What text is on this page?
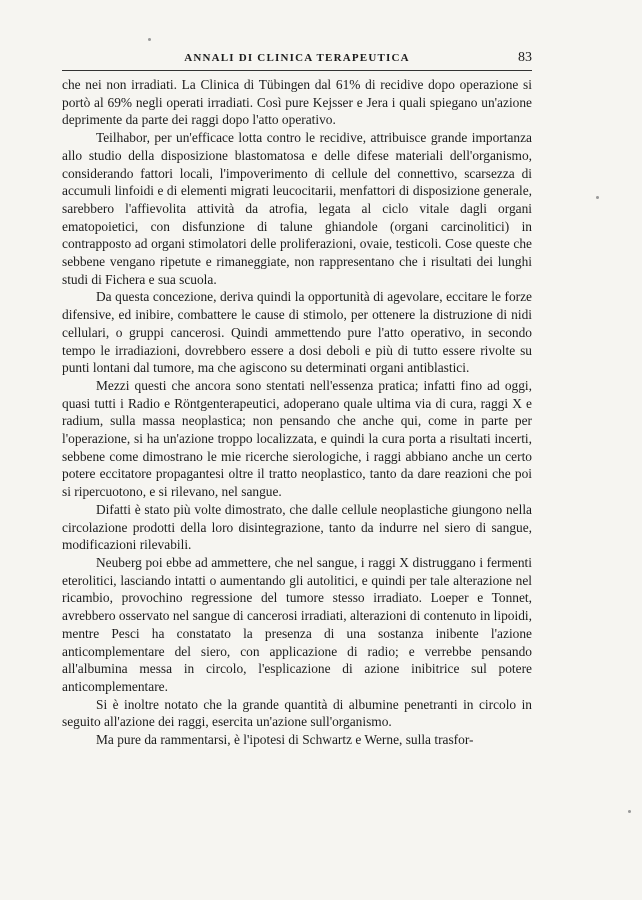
ANNALI DI CLINICA TERAPEUTICA	83

che nei non irradiati. La Clinica di Tübingen dal 61% di recidive dopo operazione si portò al 69% negli operati irradiati. Così pure Kejsser e Jera i quali spiegano un'azione deprimente da parte dei raggi dopo l'atto operativo.

Teilhabor, per un'efficace lotta contro le recidive, attribuisce grande importanza allo studio della disposizione blastomatosa e delle difese materiali dell'organismo, considerando fattori locali, l'impoverimento di cellule del connettivo, scarsezza di accumuli linfoidi e di elementi migrati leucocitarii, menfattori di disposizione generale, sarebbero l'affievolita attività da atrofia, legata al ciclo vitale dagli organi ematopoietici, con disfunzione di talune ghiandole (organi carcinolitici) in contrapposto ad organi stimolatori delle proliferazioni, ovaie, testicoli. Cose queste che sebbene vengano ripetute e rimaneggiate, non rappresentano che i risultati dei lunghi studi di Fichera e sua scuola.

Da questa concezione, deriva quindi la opportunità di agevolare, eccitare le forze difensive, ed inibire, combattere le cause di stimolo, per ottenere la distruzione di nidi cellulari, o gruppi cancerosi. Quindi ammettendo pure l'atto operativo, in secondo tempo le irradiazioni, dovrebbero essere a dosi deboli e più di tutto essere rivolte su punti lontani dal tumore, ma che agiscono su determinati organi antiblastici.

Mezzi questi che ancora sono stentati nell'essenza pratica; infatti fino ad oggi, quasi tutti i Radio e Röntgenterapeutici, adoperano quale ultima via di cura, raggi X e radium, sulla massa neoplastica; non pensando che anche qui, come in parte per l'operazione, si ha un'azione troppo localizzata, e quindi la cura porta a risultati incerti, sebbene come dimostrano le mie ricerche sierologiche, i raggi abbiano anche un certo potere eccitatore propagantesi oltre il tratto neoplastico, tanto da dare reazioni che poi si ripercuotono, e si rilevano, nel sangue.

Difatti è stato più volte dimostrato, che dalle cellule neoplastiche giungono nella circolazione prodotti della loro disintegrazione, tanto da indurre nel siero di sangue, modificazioni rilevabili.

Neuberg poi ebbe ad ammettere, che nel sangue, i raggi X distruggano i fermenti eterolitici, lasciando intatti o aumentando gli autolitici, e quindi per tale alterazione nel ricambio, provochino regressione del tumore stesso irradiato. Loeper e Tonnet, avrebbero osservato nel sangue di cancerosi irradiati, alterazioni di contenuto in lipoidi, mentre Pesci ha constatato la presenza di una sostanza inibente l'azione anticomplementare del siero, con applicazione di radio; e verrebbe pensando all'albumina messa in circolo, l'esplicazione di azione inibitrice sul potere anticomplementare.

Si è inoltre notato che la grande quantità di albumine penetranti in circolo in seguito all'azione dei raggi, esercita un'azione sull'organismo.

Ma pure da rammentarsi, è l'ipotesi di Schwartz e Werne, sulla trasfor-
